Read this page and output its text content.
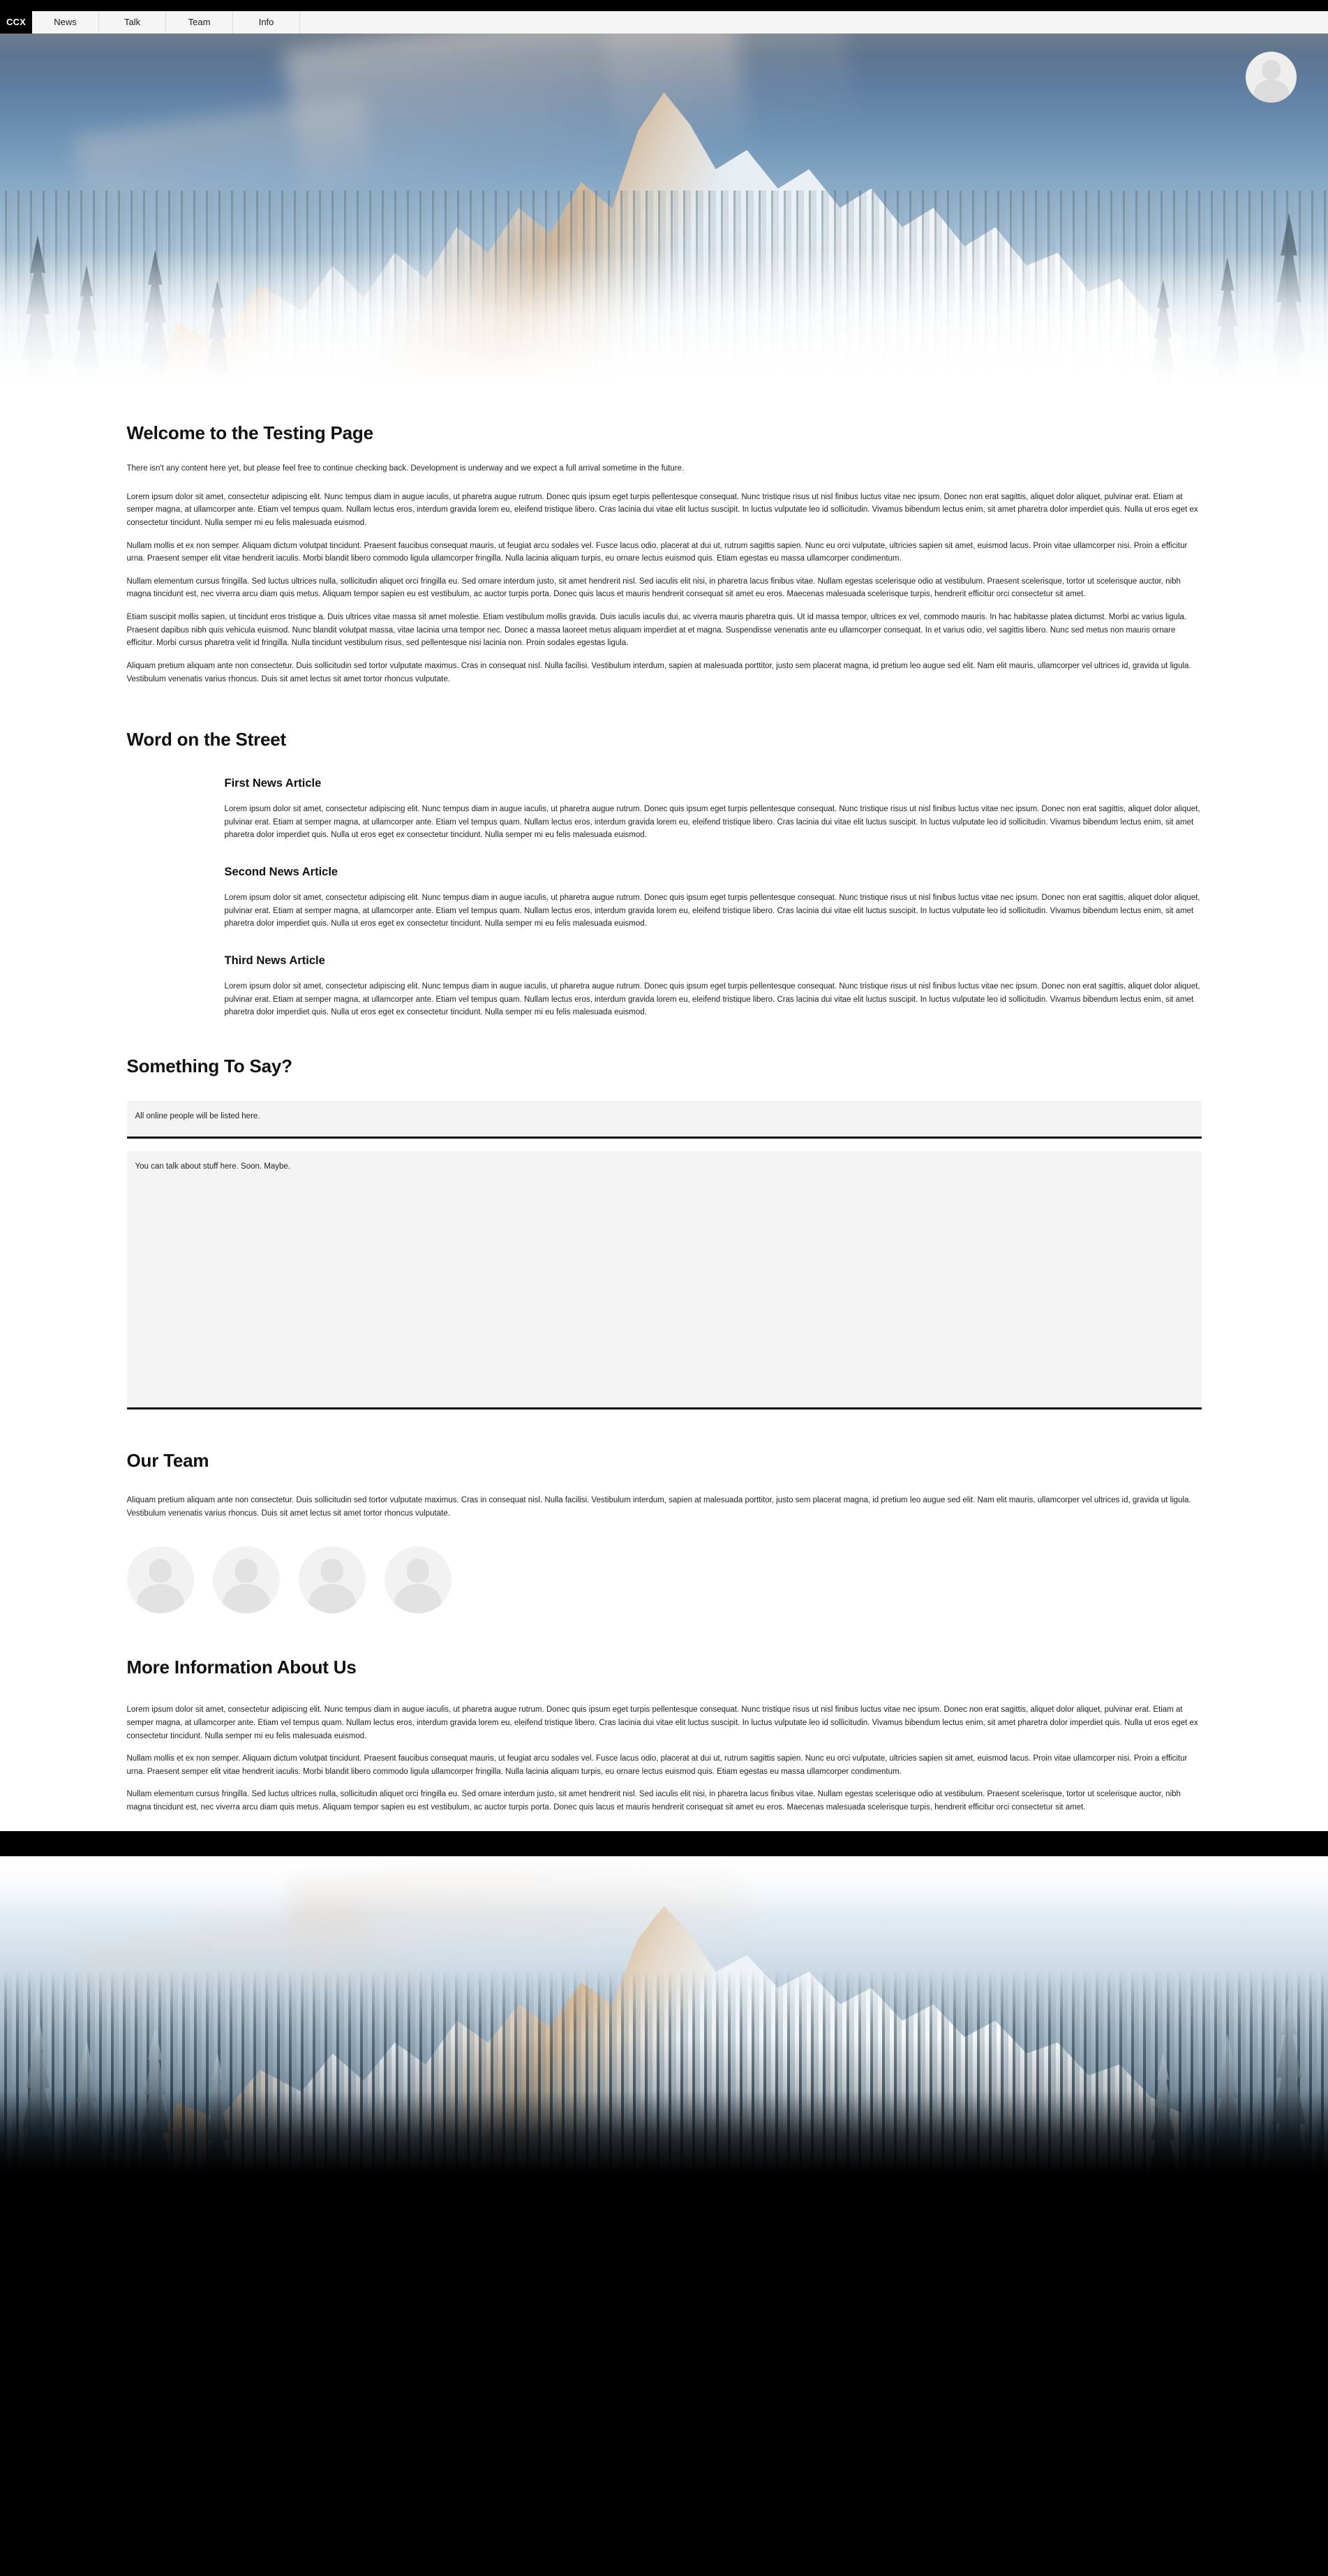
CCX	News	Talk	Team	Info
Welcome to the Testing Page

There isn't any content here yet, but please feel free to continue checking back. Development is underway and we expect a full arrival sometime in the future.

Lorem ipsum dolor sit amet, consectetur adipiscing elit. Nunc tempus diam in augue iaculis, ut pharetra augue rutrum. Donec quis ipsum eget turpis pellentesque consequat. Nunc tristique risus ut nisl finibus luctus vitae nec ipsum. Donec non erat sagittis, aliquet dolor aliquet, pulvinar erat. Etiam at semper magna, at ullamcorper ante. Etiam vel tempus quam. Nullam lectus eros, interdum gravida lorem eu, eleifend tristique libero. Cras lacinia dui vitae elit luctus suscipit. In luctus vulputate leo id sollicitudin. Vivamus bibendum lectus enim, sit amet pharetra dolor imperdiet quis. Nulla ut eros eget ex consectetur tincidunt. Nulla semper mi eu felis malesuada euismod.

Nullam mollis et ex non semper. Aliquam dictum volutpat tincidunt. Praesent faucibus consequat mauris, ut feugiat arcu sodales vel. Fusce lacus odio, placerat at dui ut, rutrum sagittis sapien. Nunc eu orci vulputate, ultricies sapien sit amet, euismod lacus. Proin vitae ullamcorper nisi. Proin a efficitur urna. Praesent semper elit vitae hendrerit iaculis. Morbi blandit libero commodo ligula ullamcorper fringilla. Nulla lacinia aliquam turpis, eu ornare lectus euismod quis. Etiam egestas eu massa ullamcorper condimentum.

Nullam elementum cursus fringilla. Sed luctus ultrices nulla, sollicitudin aliquet orci fringilla eu. Sed ornare interdum justo, sit amet hendrerit nisl. Sed iaculis elit nisi, in pharetra lacus finibus vitae. Nullam egestas scelerisque odio at vestibulum. Praesent scelerisque, tortor ut scelerisque auctor, nibh magna tincidunt est, nec viverra arcu diam quis metus. Aliquam tempor sapien eu est vestibulum, ac auctor turpis porta. Donec quis lacus et mauris hendrerit consequat sit amet eu eros. Maecenas malesuada scelerisque turpis, hendrerit efficitur orci consectetur sit amet.

Etiam suscipit mollis sapien, ut tincidunt eros tristique a. Duis ultrices vitae massa sit amet molestie. Etiam vestibulum mollis gravida. Duis iaculis iaculis dui, ac viverra mauris pharetra quis. Ut id massa tempor, ultrices ex vel, commodo mauris. In hac habitasse platea dictumst. Morbi ac varius ligula. Praesent dapibus nibh quis vehicula euismod. Nunc blandit volutpat massa, vitae lacinia urna tempor nec. Donec a massa laoreet metus aliquam imperdiet at et magna. Suspendisse venenatis ante eu ullamcorper consequat. In et varius odio, vel sagittis libero. Nunc sed metus non mauris ornare efficitur. Morbi cursus pharetra velit id fringilla. Nulla tincidunt vestibulum risus, sed pellentesque nisi lacinia non. Proin sodales egestas ligula.

Aliquam pretium aliquam ante non consectetur. Duis sollicitudin sed tortor vulputate maximus. Cras in consequat nisl. Nulla facilisi. Vestibulum interdum, sapien at malesuada porttitor, justo sem placerat magna, id pretium leo augue sed elit. Nam elit mauris, ullamcorper vel ultrices id, gravida ut ligula. Vestibulum venenatis varius rhoncus. Duis sit amet lectus sit amet tortor rhoncus vulputate.

Word on the Street
First News Article

Lorem ipsum dolor sit amet, consectetur adipiscing elit. Nunc tempus diam in augue iaculis, ut pharetra augue rutrum. Donec quis ipsum eget turpis pellentesque consequat. Nunc tristique risus ut nisl finibus luctus vitae nec ipsum. Donec non erat sagittis, aliquet dolor aliquet, pulvinar erat. Etiam at semper magna, at ullamcorper ante. Etiam vel tempus quam. Nullam lectus eros, interdum gravida lorem eu, eleifend tristique libero. Cras lacinia dui vitae elit luctus suscipit. In luctus vulputate leo id sollicitudin. Vivamus bibendum lectus enim, sit amet pharetra dolor imperdiet quis. Nulla ut eros eget ex consectetur tincidunt. Nulla semper mi eu felis malesuada euismod.

Second News Article

Lorem ipsum dolor sit amet, consectetur adipiscing elit. Nunc tempus diam in augue iaculis, ut pharetra augue rutrum. Donec quis ipsum eget turpis pellentesque consequat. Nunc tristique risus ut nisl finibus luctus vitae nec ipsum. Donec non erat sagittis, aliquet dolor aliquet, pulvinar erat. Etiam at semper magna, at ullamcorper ante. Etiam vel tempus quam. Nullam lectus eros, interdum gravida lorem eu, eleifend tristique libero. Cras lacinia dui vitae elit luctus suscipit. In luctus vulputate leo id sollicitudin. Vivamus bibendum lectus enim, sit amet pharetra dolor imperdiet quis. Nulla ut eros eget ex consectetur tincidunt. Nulla semper mi eu felis malesuada euismod.

Third News Article

Lorem ipsum dolor sit amet, consectetur adipiscing elit. Nunc tempus diam in augue iaculis, ut pharetra augue rutrum. Donec quis ipsum eget turpis pellentesque consequat. Nunc tristique risus ut nisl finibus luctus vitae nec ipsum. Donec non erat sagittis, aliquet dolor aliquet, pulvinar erat. Etiam at semper magna, at ullamcorper ante. Etiam vel tempus quam. Nullam lectus eros, interdum gravida lorem eu, eleifend tristique libero. Cras lacinia dui vitae elit luctus suscipit. In luctus vulputate leo id sollicitudin. Vivamus bibendum lectus enim, sit amet pharetra dolor imperdiet quis. Nulla ut eros eget ex consectetur tincidunt. Nulla semper mi eu felis malesuada euismod.

Something To Say?
All online people will be listed here.
You can talk about stuff here. Soon. Maybe.
Our Team

Aliquam pretium aliquam ante non consectetur. Duis sollicitudin sed tortor vulputate maximus. Cras in consequat nisl. Nulla facilisi. Vestibulum interdum, sapien at malesuada porttitor, justo sem placerat magna, id pretium leo augue sed elit. Nam elit mauris, ullamcorper vel ultrices id, gravida ut ligula. Vestibulum venenatis varius rhoncus. Duis sit amet lectus sit amet tortor rhoncus vulputate.

More Information About Us

Lorem ipsum dolor sit amet, consectetur adipiscing elit. Nunc tempus diam in augue iaculis, ut pharetra augue rutrum. Donec quis ipsum eget turpis pellentesque consequat. Nunc tristique risus ut nisl finibus luctus vitae nec ipsum. Donec non erat sagittis, aliquet dolor aliquet, pulvinar erat. Etiam at semper magna, at ullamcorper ante. Etiam vel tempus quam. Nullam lectus eros, interdum gravida lorem eu, eleifend tristique libero. Cras lacinia dui vitae elit luctus suscipit. In luctus vulputate leo id sollicitudin. Vivamus bibendum lectus enim, sit amet pharetra dolor imperdiet quis. Nulla ut eros eget ex consectetur tincidunt. Nulla semper mi eu felis malesuada euismod.

Nullam mollis et ex non semper. Aliquam dictum volutpat tincidunt. Praesent faucibus consequat mauris, ut feugiat arcu sodales vel. Fusce lacus odio, placerat at dui ut, rutrum sagittis sapien. Nunc eu orci vulputate, ultricies sapien sit amet, euismod lacus. Proin vitae ullamcorper nisi. Proin a efficitur urna. Praesent semper elit vitae hendrerit iaculis. Morbi blandit libero commodo ligula ullamcorper fringilla. Nulla lacinia aliquam turpis, eu ornare lectus euismod quis. Etiam egestas eu massa ullamcorper condimentum.

Nullam elementum cursus fringilla. Sed luctus ultrices nulla, sollicitudin aliquet orci fringilla eu. Sed ornare interdum justo, sit amet hendrerit nisl. Sed iaculis elit nisi, in pharetra lacus finibus vitae. Nullam egestas scelerisque odio at vestibulum. Praesent scelerisque, tortor ut scelerisque auctor, nibh magna tincidunt est, nec viverra arcu diam quis metus. Aliquam tempor sapien eu est vestibulum, ac auctor turpis porta. Donec quis lacus et mauris hendrerit consequat sit amet eu eros. Maecenas malesuada scelerisque turpis, hendrerit efficitur orci consectetur sit amet.
